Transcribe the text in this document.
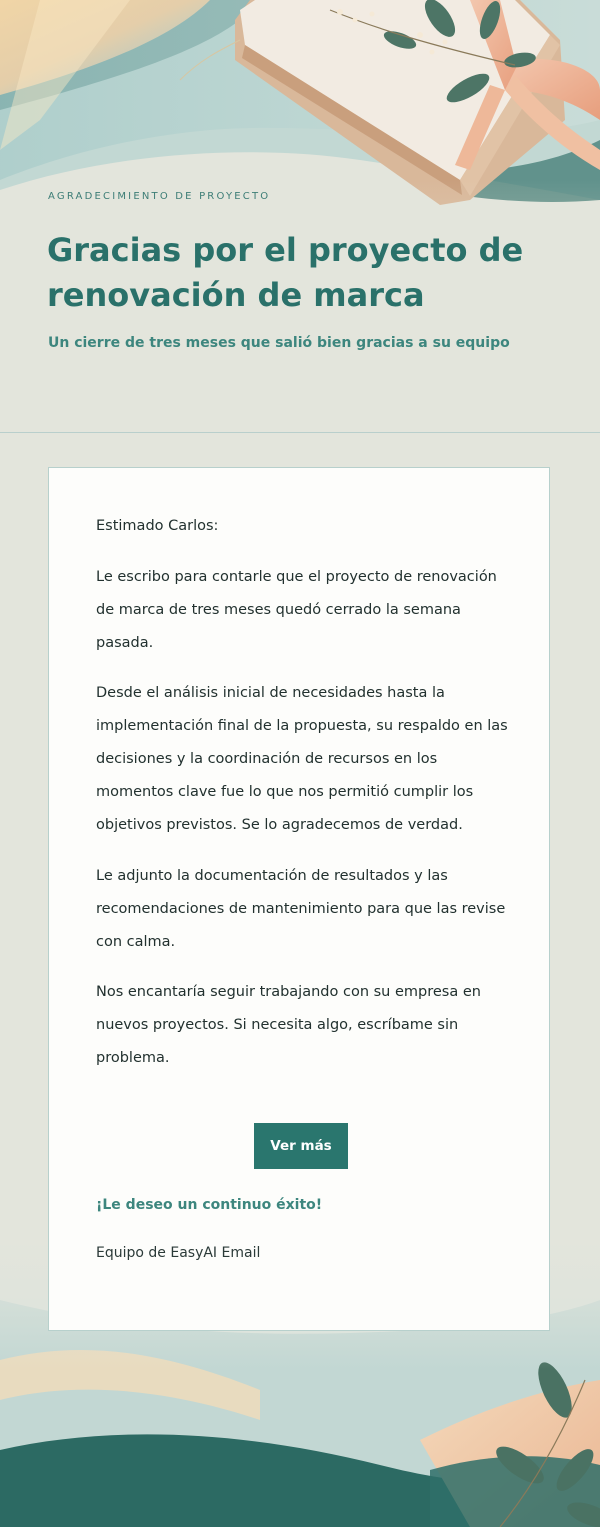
AGRADECIMIENTO DE PROYECTO
Gracias por el proyecto de renovación de marca
Un cierre de tres meses que salió bien gracias a su equipo

Estimado Carlos:

Le escribo para contarle que el proyecto de renovación de marca de tres meses quedó cerrado la semana pasada.

Desde el análisis inicial de necesidades hasta la implementación final de la propuesta, su respaldo en las decisiones y la coordinación de recursos en los momentos clave fue lo que nos permitió cumplir los objetivos previstos. Se lo agradecemos de verdad.

Le adjunto la documentación de resultados y las recomendaciones de mantenimiento para que las revise con calma.

Nos encantaría seguir trabajando con su empresa en nuevos proyectos. Si necesita algo, escríbame sin problema.

Ver más
¡Le deseo un continuo éxito!
Equipo de EasyAI Email
